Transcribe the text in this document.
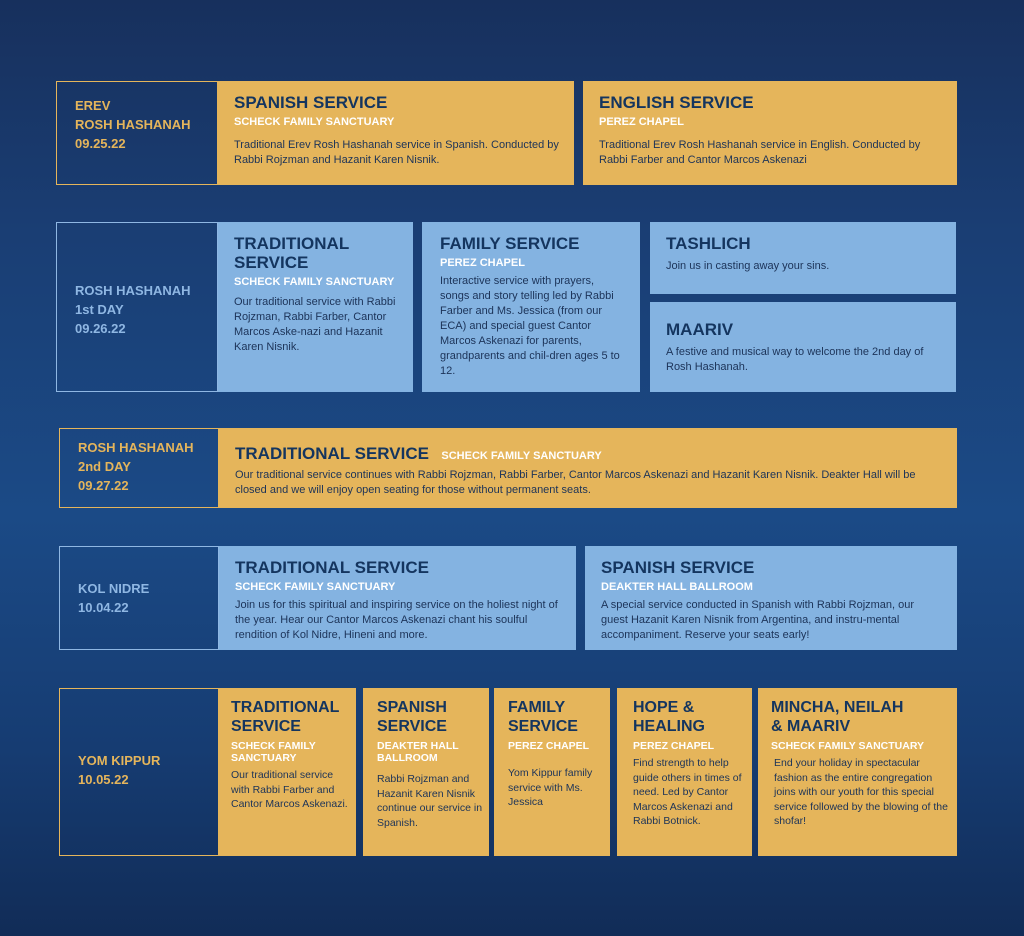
EREV
ROSH HASHANAH
09.25.22
SPANISH SERVICE
SCHECK FAMILY SANCTUARY
Traditional Erev Rosh Hashanah service in Spanish. Conducted by Rabbi Rojzman and Hazanit Karen Nisnik.
ENGLISH SERVICE
PEREZ CHAPEL
Traditional Erev Rosh Hashanah service in English. Conducted by Rabbi Farber and Cantor Marcos Askenazi
ROSH HASHANAH
1st DAY
09.26.22
TRADITIONAL
SERVICE
SCHECK FAMILY SANCTUARY
Our traditional service with Rabbi Rojzman, Rabbi Farber, Cantor Marcos Aske-nazi and Hazanit Karen Nisnik.
FAMILY SERVICE
PEREZ CHAPEL
Interactive service with prayers, songs and story telling led by Rabbi Farber and Ms. Jessica (from our ECA) and special guest Cantor Marcos Askenazi for parents, grandparents and chil-dren ages 5 to 12.
TASHLICH
Join us in casting away your sins.
MAARIV
A festive and musical way to welcome the 2nd day of Rosh Hashanah.
ROSH HASHANAH
2nd DAY
09.27.22
TRADITIONAL SERVICE SCHECK FAMILY SANCTUARY
Our traditional service continues with Rabbi Rojzman, Rabbi Farber, Cantor Marcos Askenazi and Hazanit Karen Nisnik. Deakter Hall will be closed and we will enjoy open seating for those without permanent seats.
KOL NIDRE
10.04.22
TRADITIONAL SERVICE
SCHECK FAMILY SANCTUARY
Join us for this spiritual and inspiring service on the holiest night of the year. Hear our Cantor Marcos Askenazi chant his soulful rendition of Kol Nidre, Hineni and more.
SPANISH SERVICE
DEAKTER HALL BALLROOM
A special service conducted in Spanish with Rabbi Rojzman, our guest Hazanit Karen Nisnik from Argentina, and instru-mental accompaniment. Reserve your seats early!
YOM KIPPUR
10.05.22
TRADITIONAL
SERVICE
SCHECK FAMILY
SANCTUARY
Our traditional service with Rabbi Farber and Cantor Marcos Askenazi.
SPANISH
SERVICE
DEAKTER HALL
BALLROOM
Rabbi Rojzman and Hazanit Karen Nisnik continue our service in Spanish.
FAMILY
SERVICE
PEREZ CHAPEL
Yom Kippur family service with Ms. Jessica
HOPE &
HEALING
PEREZ CHAPEL
Find strength to help guide others in times of need. Led by Cantor Marcos Askenazi and Rabbi Botnick.
MINCHA, NEILAH
& MAARIV
SCHECK FAMILY SANCTUARY
End your holiday in spectacular fashion as the entire congregation joins with our youth for this special service followed by the blowing of the shofar!
